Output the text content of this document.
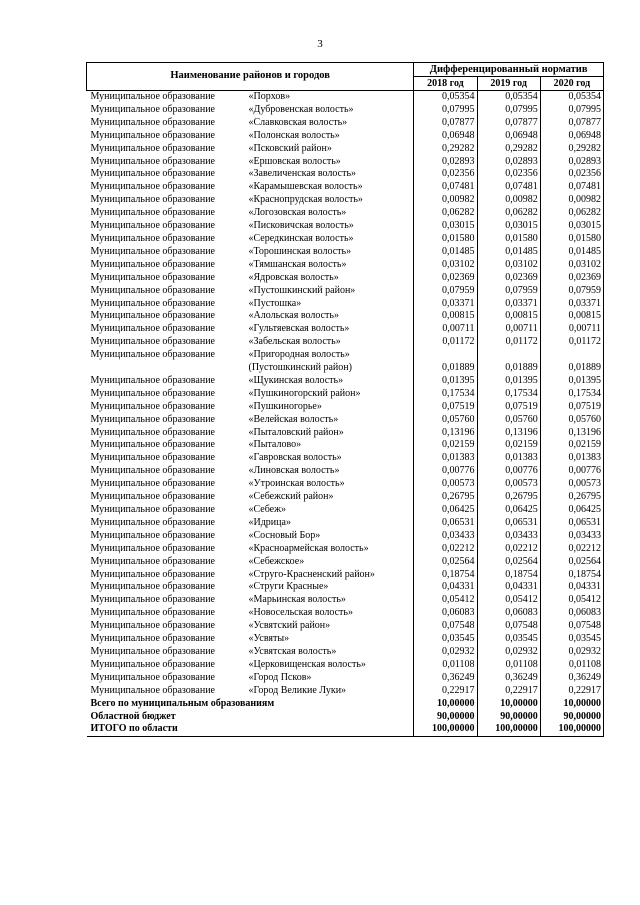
3
Наименование районов и городов	Дифференцированный норматив		
	2018 год	2019 год	2020 год

Муниципальное образование «Порхов»	0,05354	0,05354	0,05354

Муниципальное образование «Дубровенская волость»	0,07995	0,07995	0,07995

Муниципальное образование «Славковская волость»	0,07877	0,07877	0,07877

Муниципальное образование «Полонская волость»	0,06948	0,06948	0,06948

Муниципальное образование «Псковский район»	0,29282	0,29282	0,29282

Муниципальное образование «Ершовская волость»	0,02893	0,02893	0,02893

Муниципальное образование «Завеличенская волость»	0,02356	0,02356	0,02356

Муниципальное образование «Карамышевская волость»	0,07481	0,07481	0,07481

Муниципальное образование «Краснопрудская волость»	0,00982	0,00982	0,00982

Муниципальное образование «Логозовская волость»	0,06282	0,06282	0,06282

Муниципальное образование «Писковичская волость»	0,03015	0,03015	0,03015

Муниципальное образование «Середкинская волость»	0,01580	0,01580	0,01580

Муниципальное образование «Торошинская волость»	0,01485	0,01485	0,01485

Муниципальное образование «Тямшанская волость»	0,03102	0,03102	0,03102

Муниципальное образование «Ядровская волость»	0,02369	0,02369	0,02369

Муниципальное образование «Пустошкинский район»	0,07959	0,07959	0,07959

Муниципальное образование «Пустошка»	0,03371	0,03371	0,03371

Муниципальное образование «Алольская волость»	0,00815	0,00815	0,00815

Муниципальное образование «Гультяевская волость»	0,00711	0,00711	0,00711

Муниципальное образование «Забельская волость»	0,01172	0,01172	0,01172

Муниципальное образование «Пригородная волость»
(Пустошкинский район)	0,01889	0,01889	0,01889

Муниципальное образование «Щукинская волость»	0,01395	0,01395	0,01395

Муниципальное образование «Пушкиногорский район»	0,17534	0,17534	0,17534

Муниципальное образование «Пушкиногорье»	0,07519	0,07519	0,07519

Муниципальное образование «Велейская волость»	0,05760	0,05760	0,05760

Муниципальное образование «Пыталовский район»	0,13196	0,13196	0,13196

Муниципальное образование «Пыталово»	0,02159	0,02159	0,02159

Муниципальное образование «Гавровская волость»	0,01383	0,01383	0,01383

Муниципальное образование «Линовская волость»	0,00776	0,00776	0,00776

Муниципальное образование «Утроинская волость»	0,00573	0,00573	0,00573

Муниципальное образование «Себежский район»	0,26795	0,26795	0,26795

Муниципальное образование «Себеж»	0,06425	0,06425	0,06425

Муниципальное образование «Идрица»	0,06531	0,06531	0,06531

Муниципальное образование «Сосновый Бор»	0,03433	0,03433	0,03433

Муниципальное образование «Красноармейская волость»	0,02212	0,02212	0,02212

Муниципальное образование «Себежское»	0,02564	0,02564	0,02564

Муниципальное образование «Струго-Красненский район»	0,18754	0,18754	0,18754

Муниципальное образование «Струги Красные»	0,04331	0,04331	0,04331

Муниципальное образование «Марьинская волость»	0,05412	0,05412	0,05412

Муниципальное образование «Новосельская волость»	0,06083	0,06083	0,06083

Муниципальное образование «Усвятский район»	0,07548	0,07548	0,07548

Муниципальное образование «Усвяты»	0,03545	0,03545	0,03545

Муниципальное образование «Усвятская волость»	0,02932	0,02932	0,02932

Муниципальное образование «Церковищенская волость»	0,01108	0,01108	0,01108

Муниципальное образование «Город Псков»	0,36249	0,36249	0,36249

Муниципальное образование «Город Великие Луки»	0,22917	0,22917	0,22917
Всего по муниципальным образованиям	10,00000	10,00000	10,00000
Областной бюджет	90,00000	90,00000	90,00000
ИТОГО по области	100,00000	100,00000	100,00000
